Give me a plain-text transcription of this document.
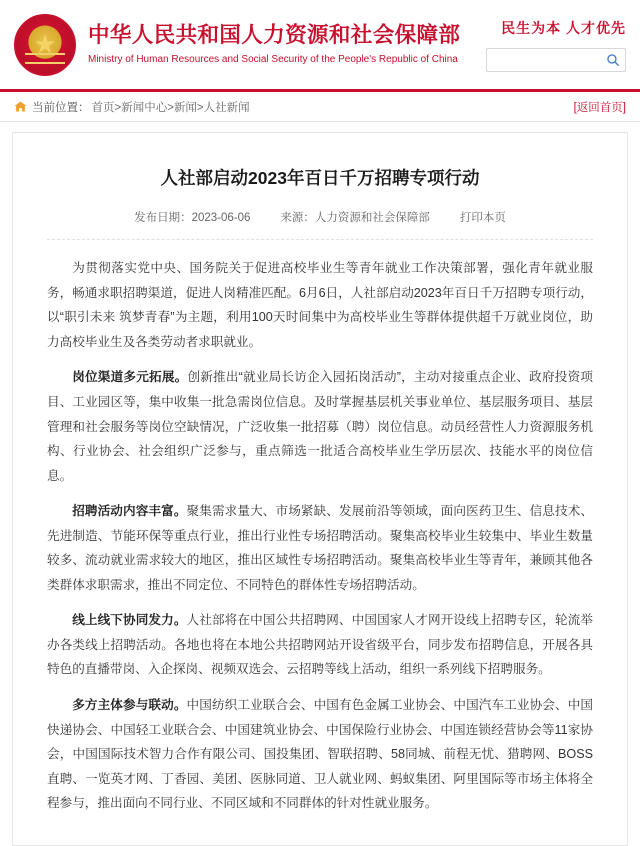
★
中华人民共和国人力资源和社会保障部
Ministry of Human Resources and Social Security of the People's Republic of China
民生为本 人才优先
当前位置： 首页>新闻中心>新闻>人社新闻	[返回首页]
人社部启动2023年百日千万招聘专项行动
发布日期：2023-06-06	来源：人力资源和社会保障部	打印本页

为贯彻落实党中央、国务院关于促进高校毕业生等青年就业工作决策部署，强化青年就业服务，畅通求职招聘渠道，促进人岗精准匹配。6月6日，人社部启动2023年百日千万招聘专项行动，以“职引未来 筑梦青春”为主题，利用100天时间集中为高校毕业生等群体提供超千万就业岗位，助力高校毕业生及各类劳动者求职就业。

岗位渠道多元拓展。创新推出“就业局长访企入园拓岗活动”，主动对接重点企业、政府投资项目、工业园区等，集中收集一批急需岗位信息。及时掌握基层机关事业单位、基层服务项目、基层管理和社会服务等岗位空缺情况，广泛收集一批招募（聘）岗位信息。动员经营性人力资源服务机构、行业协会、社会组织广泛参与，重点筛选一批适合高校毕业生学历层次、技能水平的岗位信息。

招聘活动内容丰富。聚集需求量大、市场紧缺、发展前沿等领域，面向医药卫生、信息技术、先进制造、节能环保等重点行业，推出行业性专场招聘活动。聚集高校毕业生较集中、毕业生数量较多、流动就业需求较大的地区，推出区域性专场招聘活动。聚集高校毕业生等青年，兼顾其他各类群体求职需求，推出不同定位、不同特色的群体性专场招聘活动。

线上线下协同发力。人社部将在中国公共招聘网、中国国家人才网开设线上招聘专区，轮流举办各类线上招聘活动。各地也将在本地公共招聘网站开设省级平台，同步发布招聘信息，开展各具特色的直播带岗、入企探岗、视频双选会、云招聘等线上活动，组织一系列线下招聘服务。

多方主体参与联动。中国纺织工业联合会、中国有色金属工业协会、中国汽车工业协会、中国快递协会、中国轻工业联合会、中国建筑业协会、中国保险行业协会、中国连锁经营协会等11家协会，中国国际技术智力合作有限公司、国投集团、智联招聘、58同城、前程无忧、猎聘网、BOSS直聘、一览英才网、丁香园、美团、医脉同道、卫人就业网、蚂蚁集团、阿里国际等市场主体将全程参与，推出面向不同行业、不同区域和不同群体的针对性就业服务。
